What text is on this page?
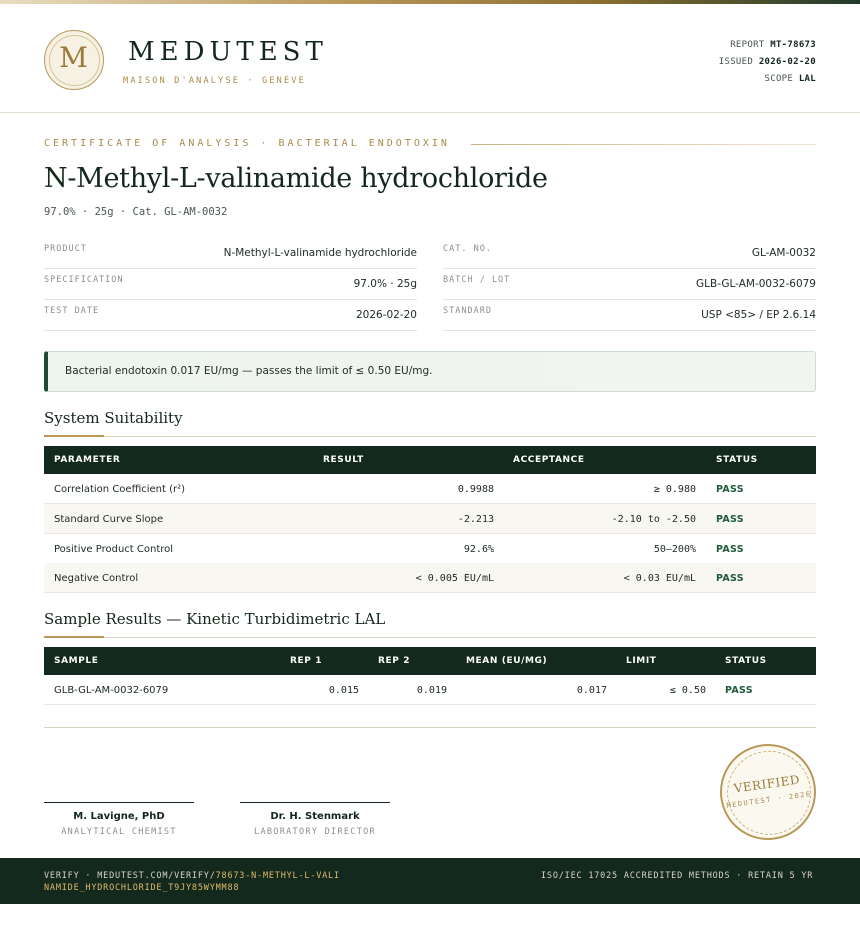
M	MEDUTEST
MAISON D'ANALYSE · GENÈVE
REPORT MT-78673
ISSUED 2026-02-20
SCOPE LAL
CERTIFICATE OF ANALYSIS · BACTERIAL ENDOTOXIN
N-Methyl-L-valinamide hydrochloride
97.0% · 25g · Cat. GL-AM-0032
PRODUCT	N-Methyl-L-valinamide hydrochloride
SPECIFICATION	97.0% · 25g
TEST DATE	2026-02-20
CAT. NO.	GL-AM-0032
BATCH / LOT	GLB-GL-AM-0032-6079
STANDARD	USP <85> / EP 2.6.14
Bacterial endotoxin 0.017 EU/mg — passes the limit of ≤ 0.50 EU/mg.
System Suitability
PARAMETER	RESULT	ACCEPTANCE	STATUS
Correlation Coefficient (r²)	0.9988	≥ 0.980 PASS
Standard Curve Slope	-2.213	-2.10 to -2.50 PASS
Positive Product Control	92.6%	50–200% PASS
Negative Control	< 0.005 EU/mL	< 0.03 EU/mL PASS
Sample Results — Kinetic Turbidimetric LAL
SAMPLE	REP 1	REP 2	MEAN (EU/MG)	LIMIT	STATUS
GLB-GL-AM-0032-6079	0.015	0.019	0.017	≤ 0.50 PASS
M. Lavigne, PhD
ANALYTICAL CHEMIST
Dr. H. Stenmark
LABORATORY DIRECTOR
VERIFIED
MEDUTEST · 2026
VERIFY · MEDUTEST.COM/VERIFY/78673-N-METHYL-L-VALINAMIDE_HYDROCHLORIDE_T9JY85WYMM88
ISO/IEC 17025 ACCREDITED METHODS · RETAIN 5 YR
